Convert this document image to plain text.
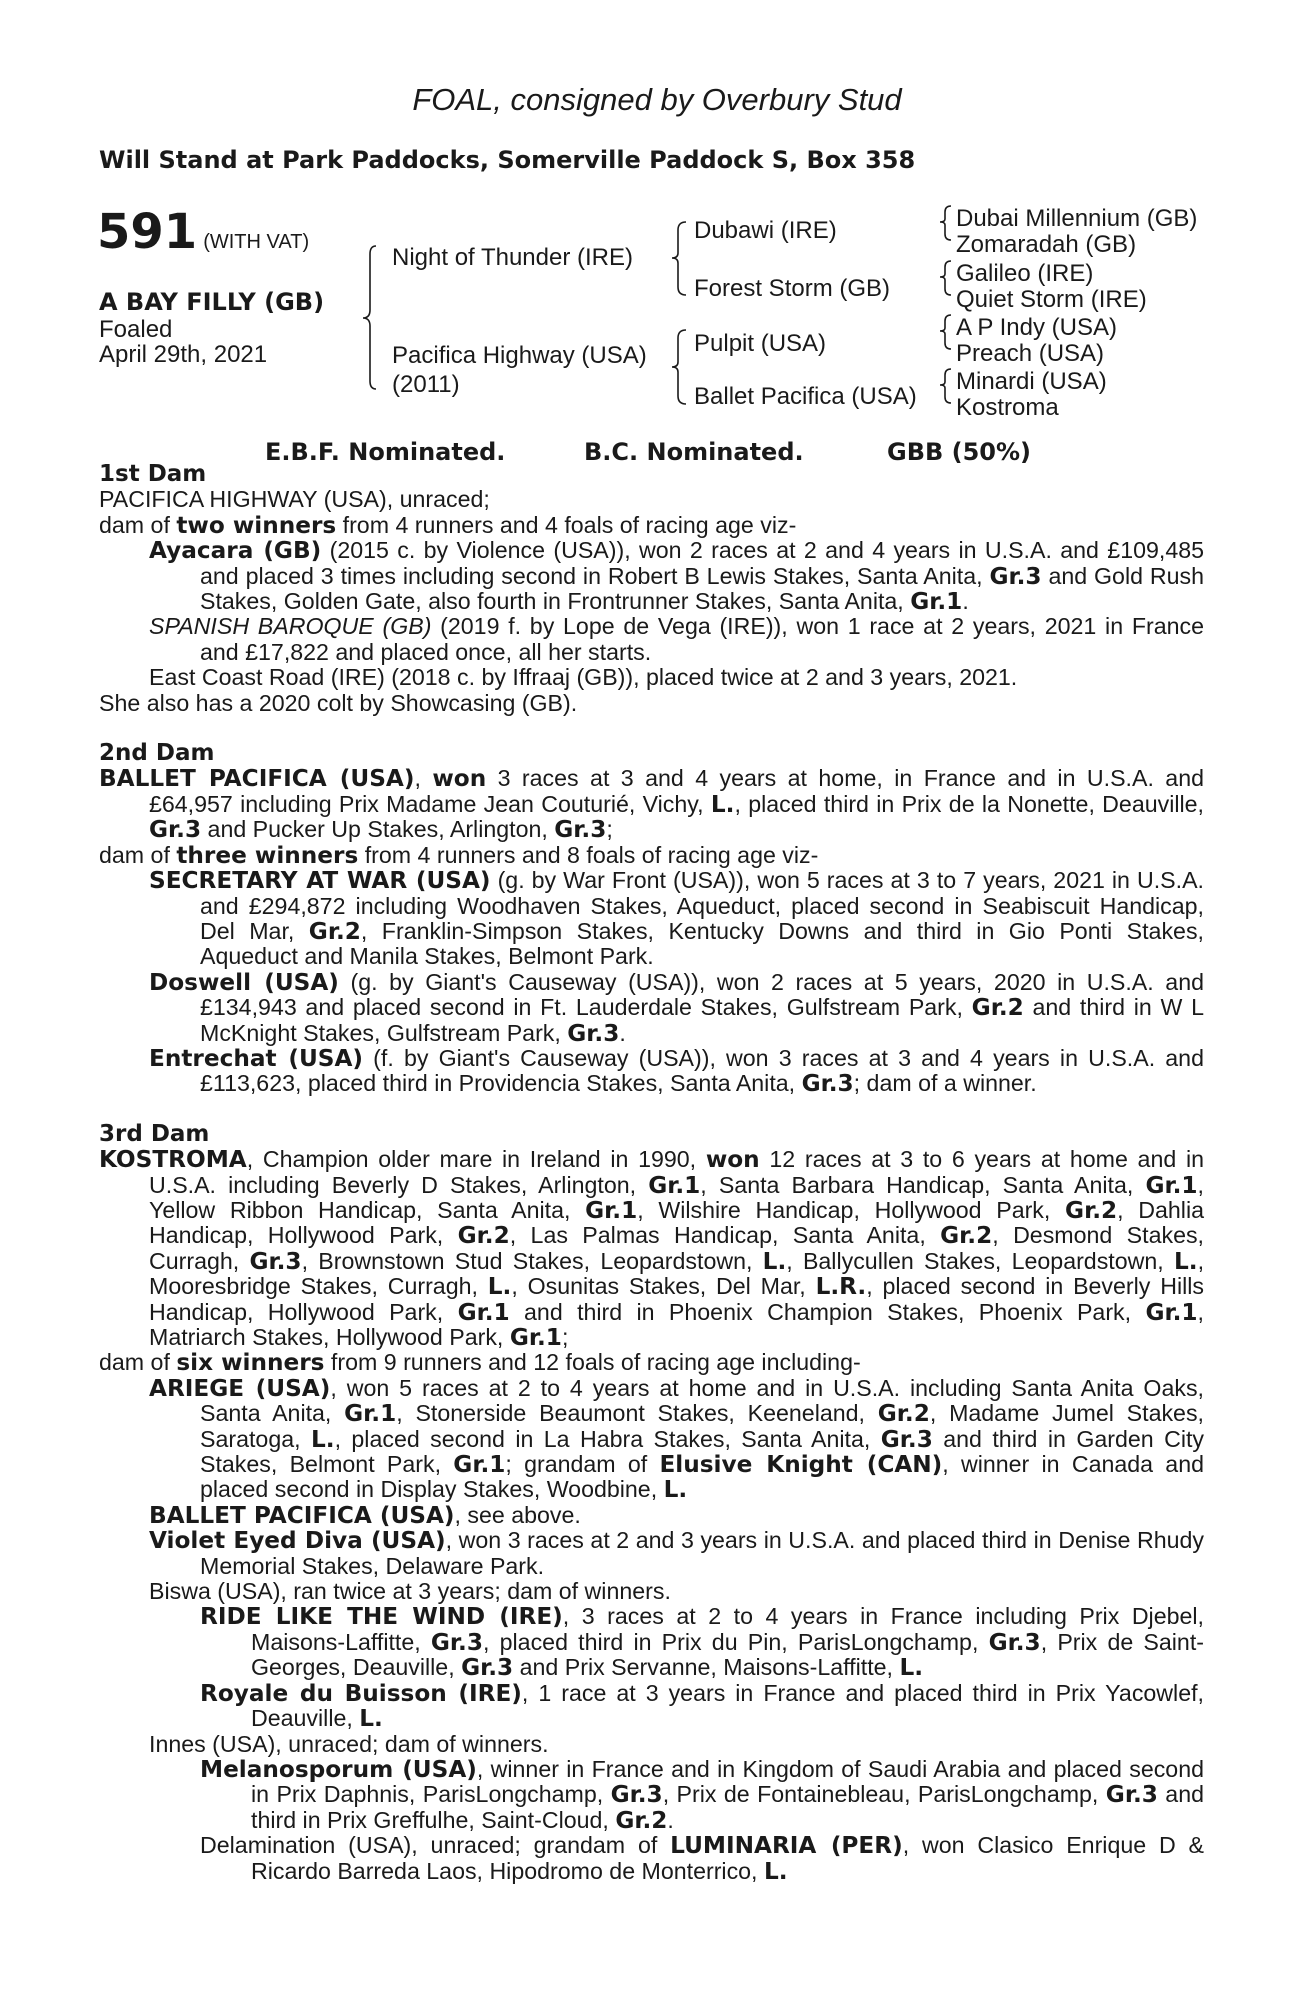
FOAL, consigned by Overbury Stud
Will Stand at Park Paddocks, Somerville Paddock S, Box 358
591 (WITH VAT)
A BAY FILLY (GB)
Foaled
April 29th, 2021
Night of Thunder (IRE)
Pacifica Highway (USA)
(2011)
Dubawi (IRE)
Forest Storm (GB)
Pulpit (USA)
Ballet Pacifica (USA)
Dubai Millennium (GB)
Zomaradah (GB)
Galileo (IRE)
Quiet Storm (IRE)
A P Indy (USA)
Preach (USA)
Minardi (USA)
Kostroma
E.B.F. Nominated.	B.C. Nominated.	GBB (50%)

1st Dam

PACIFICA HIGHWAY (USA), unraced;

dam of two winners from 4 runners and 4 foals of racing age viz-

Ayacara (GB) (2015 c. by Violence (USA)), won 2 races at 2 and 4 years in U.S.A. and £109,485 and placed 3 times including second in Robert B Lewis Stakes, Santa Anita, Gr.3 and Gold Rush Stakes, Golden Gate, also fourth in Frontrunner Stakes, Santa Anita, Gr.1.

SPANISH BAROQUE (GB) (2019 f. by Lope de Vega (IRE)), won 1 race at 2 years, 2021 in France and £17,822 and placed once, all her starts.

East Coast Road (IRE) (2018 c. by Iffraaj (GB)), placed twice at 2 and 3 years, 2021.

She also has a 2020 colt by Showcasing (GB).

2nd Dam

BALLET PACIFICA (USA), won 3 races at 3 and 4 years at home, in France and in U.S.A. and £64,957 including Prix Madame Jean Couturié, Vichy, L., placed third in Prix de la Nonette, Deauville, Gr.3 and Pucker Up Stakes, Arlington, Gr.3;

dam of three winners from 4 runners and 8 foals of racing age viz-

SECRETARY AT WAR (USA) (g. by War Front (USA)), won 5 races at 3 to 7 years, 2021 in U.S.A. and £294,872 including Woodhaven Stakes, Aqueduct, placed second in Seabiscuit Handicap, Del Mar, Gr.2, Franklin-Simpson Stakes, Kentucky Downs and third in Gio Ponti Stakes, Aqueduct and Manila Stakes, Belmont Park.

Doswell (USA) (g. by Giant's Causeway (USA)), won 2 races at 5 years, 2020 in U.S.A. and £134,943 and placed second in Ft. Lauderdale Stakes, Gulfstream Park, Gr.2 and third in W L McKnight Stakes, Gulfstream Park, Gr.3.

Entrechat (USA) (f. by Giant's Causeway (USA)), won 3 races at 3 and 4 years in U.S.A. and £113,623, placed third in Providencia Stakes, Santa Anita, Gr.3; dam of a winner.

3rd Dam

KOSTROMA, Champion older mare in Ireland in 1990, won 12 races at 3 to 6 years at home and in U.S.A. including Beverly D Stakes, Arlington, Gr.1, Santa Barbara Handicap, Santa Anita, Gr.1, Yellow Ribbon Handicap, Santa Anita, Gr.1, Wilshire Handicap, Hollywood Park, Gr.2, Dahlia Handicap, Hollywood Park, Gr.2, Las Palmas Handicap, Santa Anita, Gr.2, Desmond Stakes, Curragh, Gr.3, Brownstown Stud Stakes, Leopardstown, L., Ballycullen Stakes, Leopardstown, L., Mooresbridge Stakes, Curragh, L., Osunitas Stakes, Del Mar, L.R., placed second in Beverly Hills Handicap, Hollywood Park, Gr.1 and third in Phoenix Champion Stakes, Phoenix Park, Gr.1, Matriarch Stakes, Hollywood Park, Gr.1;

dam of six winners from 9 runners and 12 foals of racing age including-

ARIEGE (USA), won 5 races at 2 to 4 years at home and in U.S.A. including Santa Anita Oaks, Santa Anita, Gr.1, Stonerside Beaumont Stakes, Keeneland, Gr.2, Madame Jumel Stakes, Saratoga, L., placed second in La Habra Stakes, Santa Anita, Gr.3 and third in Garden City Stakes, Belmont Park, Gr.1; grandam of Elusive Knight (CAN), winner in Canada and placed second in Display Stakes, Woodbine, L.

BALLET PACIFICA (USA), see above.

Violet Eyed Diva (USA), won 3 races at 2 and 3 years in U.S.A. and placed third in Denise Rhudy Memorial Stakes, Delaware Park.

Biswa (USA), ran twice at 3 years; dam of winners.

RIDE LIKE THE WIND (IRE), 3 races at 2 to 4 years in France including Prix Djebel, Maisons-Laffitte, Gr.3, placed third in Prix du Pin, ParisLongchamp, Gr.3, Prix de Saint-Georges, Deauville, Gr.3 and Prix Servanne, Maisons-Laffitte, L.

Royale du Buisson (IRE), 1 race at 3 years in France and placed third in Prix Yacowlef, Deauville, L.

Innes (USA), unraced; dam of winners.

Melanosporum (USA), winner in France and in Kingdom of Saudi Arabia and placed second in Prix Daphnis, ParisLongchamp, Gr.3, Prix de Fontainebleau, ParisLongchamp, Gr.3 and third in Prix Greffulhe, Saint-Cloud, Gr.2.

Delamination (USA), unraced; grandam of LUMINARIA (PER), won Clasico Enrique D & Ricardo Barreda Laos, Hipodromo de Monterrico, L.
